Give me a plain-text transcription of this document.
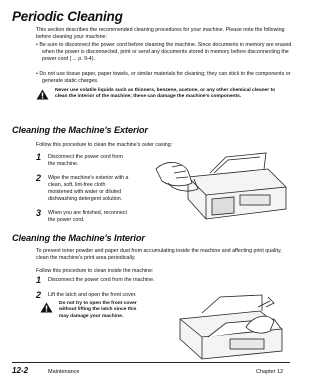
Periodic Cleaning

This section describes the recommended cleaning procedures for your machine. Please note the following before cleaning your machine:

• Be sure to disconnect the power cord before cleaning the machine. Since documents in memory are erased when the power is disconnected, print or send any documents stored in memory before disconnecting the power cord (→ p. 9-4).

• Do not use tissue paper, paper towels, or similar materials for cleaning; they can stick to the components or generate static charges.

Never use volatile liquids such as thinners, benzene, acetone, or any other chemical cleaner to clean the interior of the machine; these can damage the machine's components.
Cleaning the Machine's Exterior

Follow this procedure to clean the machine's outer casing:

1	Disconnect the power cord from the machine.
2	Wipe the machine's exterior with a clean, soft, lint-free cloth moistened with water or diluted dishwashing detergent solution.
3	When you are finished, reconnect the power cord.
Cleaning the Machine's Interior

To prevent toner powder and paper dust from accumulating inside the machine and affecting print quality, clean the machine's print area periodically.

Follow this procedure to clean inside the machine:

1	Disconnect the power cord from the machine.
2	Lift the latch and open the front cover.
Do not try to open the front cover without lifting the latch since this may damage your machine.
12-2	Maintenance	Chapter 12
